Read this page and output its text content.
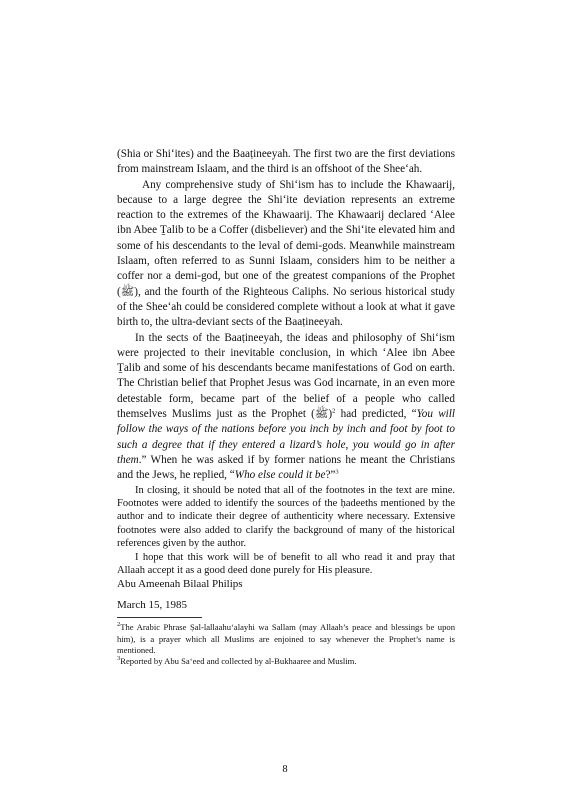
(Shia or Shi‘ites) and the Baaṭineeyah. The first two are the first deviations from mainstream Islaam, and the third is an offshoot of the Shee‘ah.

Any comprehensive study of Shi‘ism has to include the Khawaarij, because to a large degree the Shi‘ite deviation represents an extreme reaction to the extremes of the Khawaarij. The Khawaarij declared ‘Alee ibn Abee Ṯalib to be a Coffer (disbeliever) and the Shi‘ite elevated him and some of his descendants to the leval of demi-gods. Meanwhile mainstream Islaam, often referred to as Sunni Islaam, considers him to be neither a coffer nor a demi-god, but one of the greatest companions of the Prophet (ﷺ), and the fourth of the Righteous Caliphs. No serious historical study of the Shee‘ah could be considered complete without a look at what it gave birth to, the ultra-deviant sects of the Baaṭineeyah.

In the sects of the Baaṭineeyah, the ideas and philosophy of Shi‘ism were projected to their inevitable conclusion, in which ‘Alee ibn Abee Ṯalib and some of his descendants became manifestations of God on earth. The Christian belief that Prophet Jesus was God incarnate, in an even more detestable form, became part of the belief of a people who called themselves Muslims just as the Prophet (ﷺ)$^2$ had predicted, “You will follow the ways of the nations before you inch by inch and foot by foot to such a degree that if they entered a lizard’s hole, you would go in after them.” When he was asked if by former nations he meant the Christians and the Jews, he replied, “Who else could it be?”$^3$

In closing, it should be noted that all of the footnotes in the text are mine. Footnotes were added to identify the sources of the ḥadeeths mentioned by the author and to indicate their degree of authenticity where necessary. Extensive footnotes were also added to clarify the background of many of the historical references given by the author.

I hope that this work will be of benefit to all who read it and pray that Allaah accept it as a good deed done purely for His pleasure.

Abu Ameenah Bilaal Philips

March 15, 1985

$^2$The Arabic Phrase Ṣal-lallaahu‘alayhi wa Sallam (may Allaah’s peace and blessings be upon him), is a prayer which all Muslims are enjoined to say whenever the Prophet’s name is mentioned.

$^3$Reported by Abu Sa‘eed and collected by al-Bukhaaree and Muslim.

8
